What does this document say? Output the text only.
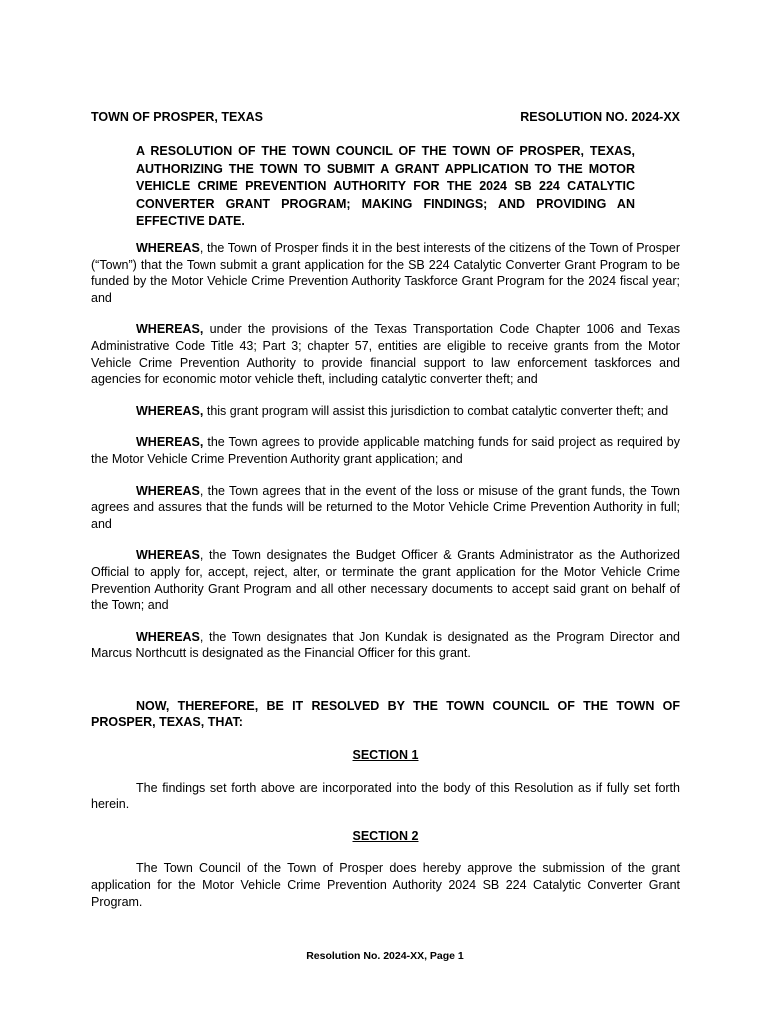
TOWN OF PROSPER, TEXAS	RESOLUTION NO. 2024-XX
A RESOLUTION OF THE TOWN COUNCIL OF THE TOWN OF PROSPER, TEXAS, AUTHORIZING THE TOWN TO SUBMIT A GRANT APPLICATION TO THE MOTOR VEHICLE CRIME PREVENTION AUTHORITY FOR THE 2024 SB 224 CATALYTIC CONVERTER GRANT PROGRAM; MAKING FINDINGS; AND PROVIDING AN EFFECTIVE DATE.

WHEREAS, the Town of Prosper finds it in the best interests of the citizens of the Town of Prosper (“Town”) that the Town submit a grant application for the SB 224 Catalytic Converter Grant Program to be funded by the Motor Vehicle Crime Prevention Authority Taskforce Grant Program for the 2024 fiscal year; and

WHEREAS, under the provisions of the Texas Transportation Code Chapter 1006 and Texas Administrative Code Title 43; Part 3; chapter 57, entities are eligible to receive grants from the Motor Vehicle Crime Prevention Authority to provide financial support to law enforcement taskforces and agencies for economic motor vehicle theft, including catalytic converter theft; and

WHEREAS, this grant program will assist this jurisdiction to combat catalytic converter theft; and

WHEREAS, the Town agrees to provide applicable matching funds for said project as required by the Motor Vehicle Crime Prevention Authority grant application; and

WHEREAS, the Town agrees that in the event of the loss or misuse of the grant funds, the Town agrees and assures that the funds will be returned to the Motor Vehicle Crime Prevention Authority in full; and

WHEREAS, the Town designates the Budget Officer & Grants Administrator as the Authorized Official to apply for, accept, reject, alter, or terminate the grant application for the Motor Vehicle Crime Prevention Authority Grant Program and all other necessary documents to accept said grant on behalf of the Town; and

WHEREAS, the Town designates that Jon Kundak is designated as the Program Director and Marcus Northcutt is designated as the Financial Officer for this grant.

NOW, THEREFORE, BE IT RESOLVED BY THE TOWN COUNCIL OF THE TOWN OF PROSPER, TEXAS, THAT:

SECTION 1

The findings set forth above are incorporated into the body of this Resolution as if fully set forth herein.

SECTION 2

The Town Council of the Town of Prosper does hereby approve the submission of the grant application for the Motor Vehicle Crime Prevention Authority 2024 SB 224 Catalytic Converter Grant Program.

Resolution No. 2024-XX, Page 1
